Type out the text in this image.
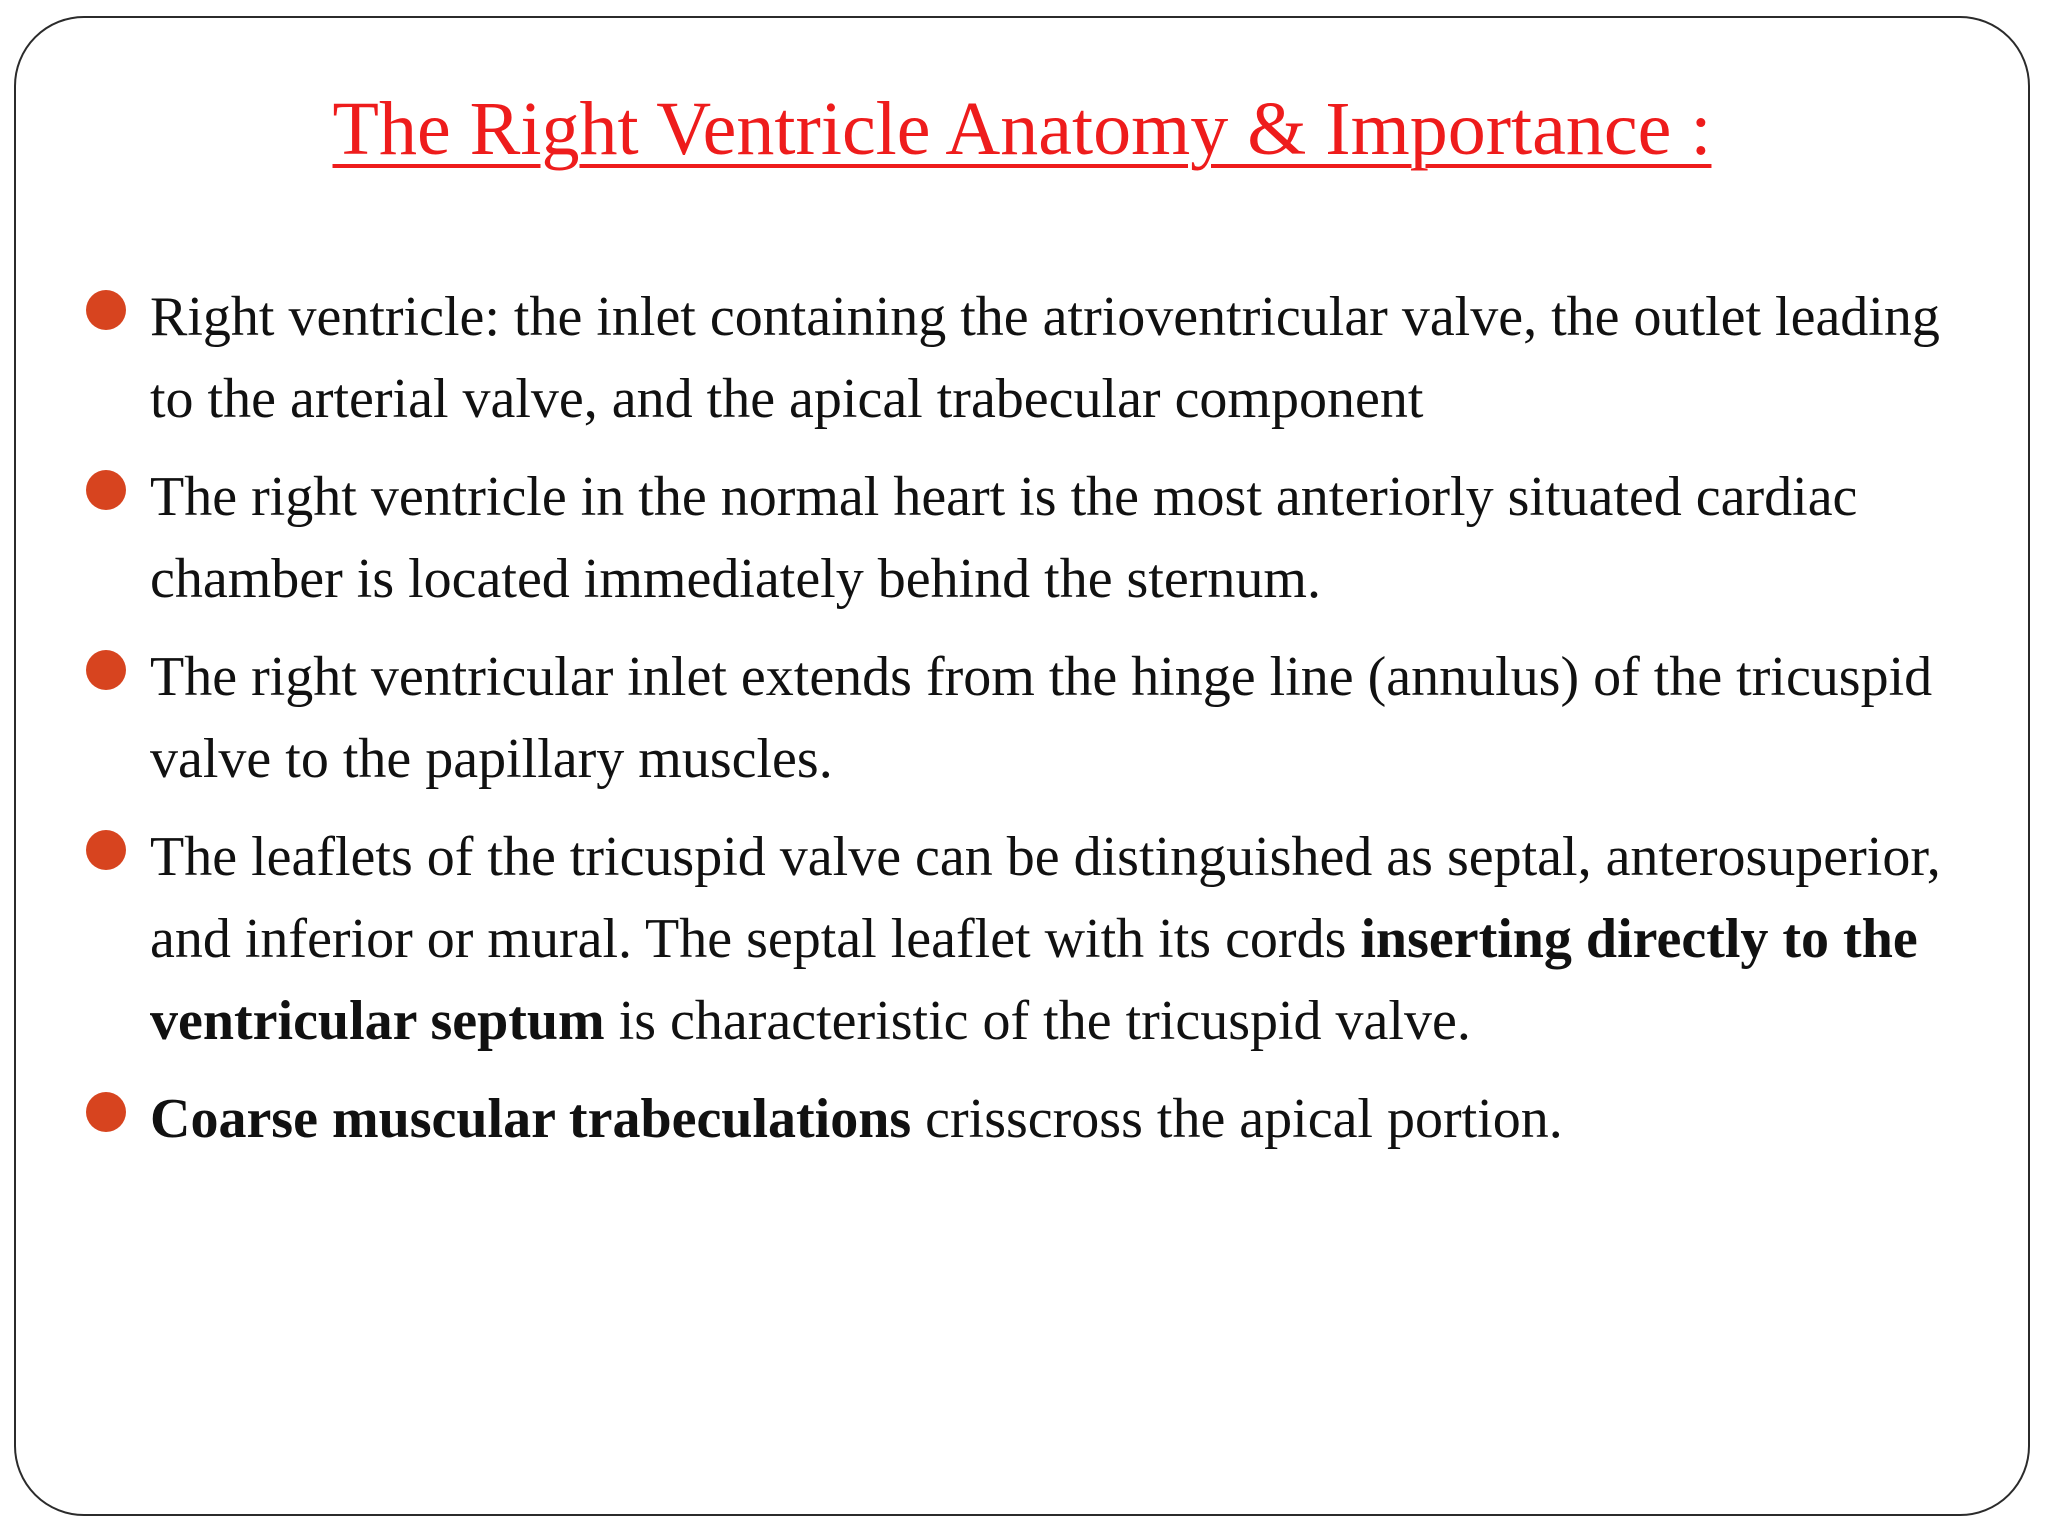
The Right Ventricle Anatomy & Importance :
Right ventricle: the inlet containing the atrioventricular valve, the outlet leading to the arterial valve, and the apical trabecular component
The right ventricle in the normal heart is the most anteriorly situated cardiac chamber is located immediately behind the sternum.
The right ventricular inlet extends from the hinge line (annulus) of the tricuspid valve to the papillary muscles.
The leaflets of the tricuspid valve can be distinguished as septal, anterosuperior, and inferior or mural. The septal leaflet with its cords inserting directly to the ventricular septum is characteristic of the tricuspid valve.
Coarse muscular trabeculations crisscross the apical portion.
